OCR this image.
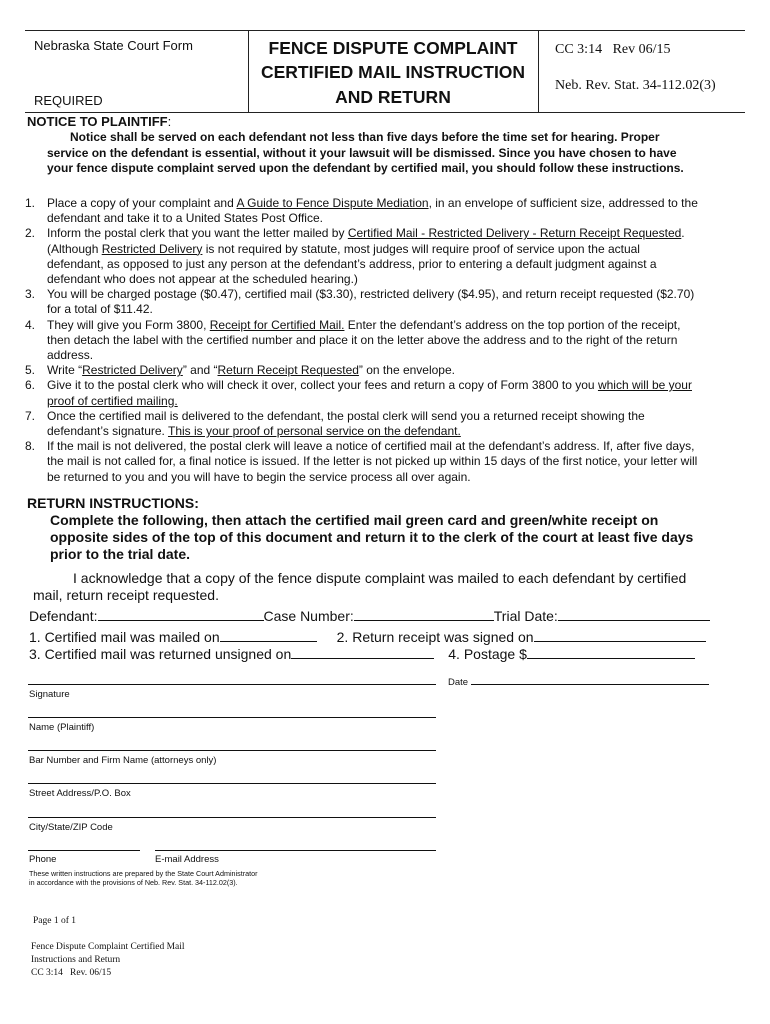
Nebraska State Court Form
REQUIRED
FENCE DISPUTE COMPLAINT
CERTIFIED MAIL INSTRUCTION
AND RETURN
CC 3:14   Rev 06/15
Neb. Rev. Stat. 34-112.02(3)
NOTICE TO PLAINTIFF:
Notice shall be served on each defendant not less than five days before the time set for hearing. Proper service on the defendant is essential, without it your lawsuit will be dismissed. Since you have chosen to have your fence dispute complaint served upon the defendant by certified mail, you should follow these instructions.
1. Place a copy of your complaint and A Guide to Fence Dispute Mediation, in an envelope of sufficient size, addressed to the defendant and take it to a United States Post Office.
2. Inform the postal clerk that you want the letter mailed by Certified Mail - Restricted Delivery - Return Receipt Requested. (Although Restricted Delivery is not required by statute, most judges will require proof of service upon the actual defendant, as opposed to just any person at the defendant’s address, prior to entering a default judgment against a defendant who does not appear at the scheduled hearing.)
3. You will be charged postage ($0.47), certified mail ($3.30), restricted delivery ($4.95), and return receipt requested ($2.70) for a total of $11.42.
4. They will give you Form 3800, Receipt for Certified Mail. Enter the defendant’s address on the top portion of the receipt, then detach the label with the certified number and place it on the letter above the address and to the right of the return address.
5. Write “Restricted Delivery” and “Return Receipt Requested” on the envelope.
6. Give it to the postal clerk who will check it over, collect your fees and return a copy of Form 3800 to you which will be your proof of certified mailing.
7. Once the certified mail is delivered to the defendant, the postal clerk will send you a returned receipt showing the defendant’s signature. This is your proof of personal service on the defendant.
8. If the mail is not delivered, the postal clerk will leave a notice of certified mail at the defendant’s address. If, after five days, the mail is not called for, a final notice is issued. If the letter is not picked up within 15 days of the first notice, your letter will be returned to you and you will have to begin the service process all over again.
RETURN INSTRUCTIONS:
Complete the following, then attach the certified mail green card and green/white receipt on opposite sides of the top of this document and return it to the clerk of the court at least five days prior to the trial date.
I acknowledge that a copy of the fence dispute complaint was mailed to each defendant by certified mail, return receipt requested.
Defendant:	Case Number:	Trial Date:
1. Certified mail was mailed on	2. Return receipt was signed on
3. Certified mail was returned unsigned on	4. Postage $
Date
Signature
Name (Plaintiff)
Bar Number and Firm Name (attorneys only)
Street Address/P.O. Box
City/State/ZIP Code
Phone	E-mail Address
These written instructions are prepared by the State Court Administrator
in accordance with the provisions of Neb. Rev. Stat. 34-112.02(3).
Page 1 of 1
Fence Dispute Complaint Certified Mail
Instructions and Return
CC 3:14   Rev. 06/15
